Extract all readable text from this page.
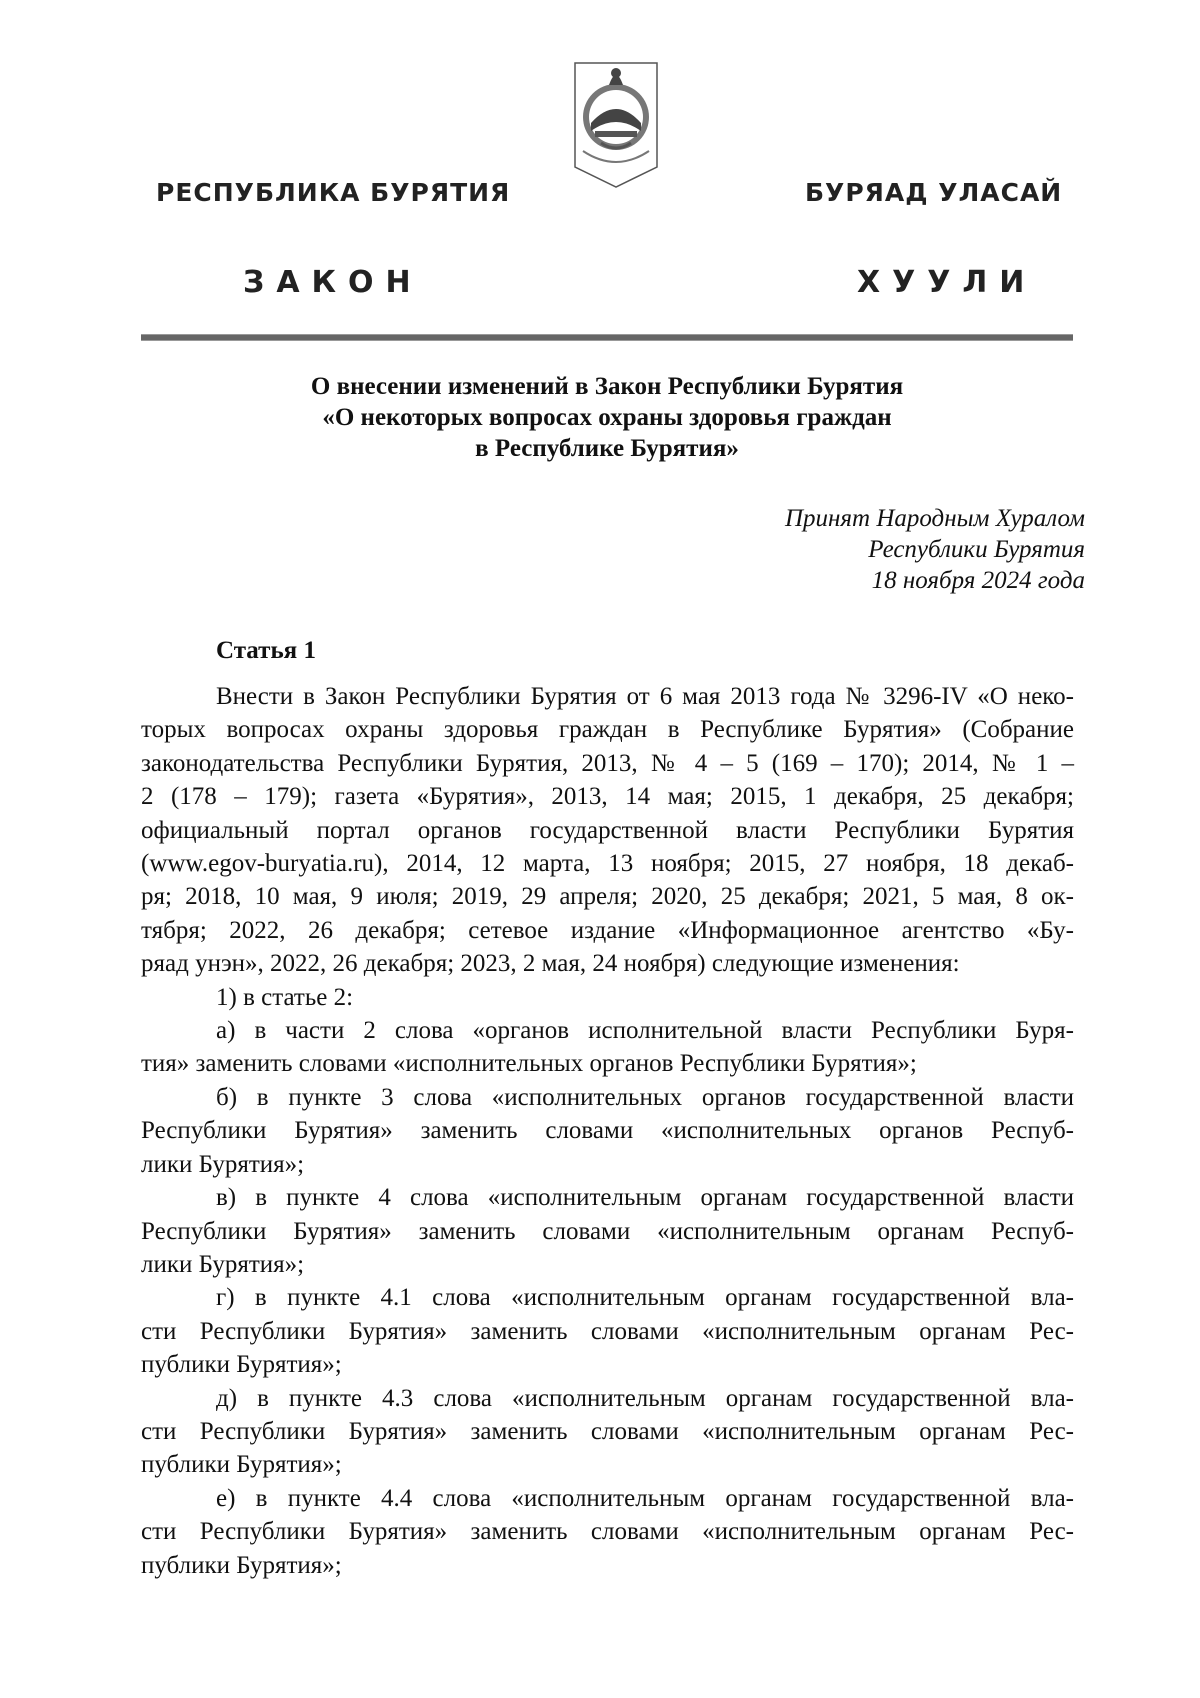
РЕСПУБЛИКА БУРЯТИЯ	БУРЯАД УЛАСАЙ
ЗАКОН	ХУУЛИ
О внесении изменений в Закон Республики Бурятия
«О некоторых вопросах охраны здоровья граждан
в Республике Бурятия»
Принят Народным Хуралом
Республики Бурятия
18 ноября 2024 года
Статья 1
Внести в Закон Республики Бурятия от 6 мая 2013 года № 3296-IV «О неко-
торых вопросах охраны здоровья граждан в Республике Бурятия» (Собрание
законодательства Республики Бурятия, 2013, № 4 – 5 (169 – 170); 2014, № 1 –
2 (178 – 179); газета «Бурятия», 2013, 14 мая; 2015, 1 декабря, 25 декабря;
официальный портал органов государственной власти Республики Бурятия
(www.egov-buryatia.ru), 2014, 12 марта, 13 ноября; 2015, 27 ноября, 18 декаб-
ря; 2018, 10 мая, 9 июля; 2019, 29 апреля; 2020, 25 декабря; 2021, 5 мая, 8 ок-
тября; 2022, 26 декабря; сетевое издание «Информационное агентство «Бу-
ряад унэн», 2022, 26 декабря; 2023, 2 мая, 24 ноября) следующие изменения:
1) в статье 2:
а) в части 2 слова «органов исполнительной власти Республики Буря-
тия» заменить словами «исполнительных органов Республики Бурятия»;
б) в пункте 3 слова «исполнительных органов государственной власти
Республики Бурятия» заменить словами «исполнительных органов Респуб-
лики Бурятия»;
в) в пункте 4 слова «исполнительным органам государственной власти
Республики Бурятия» заменить словами «исполнительным органам Респуб-
лики Бурятия»;
г) в пункте 4.1 слова «исполнительным органам государственной вла-
сти Республики Бурятия» заменить словами «исполнительным органам Рес-
публики Бурятия»;
д) в пункте 4.3 слова «исполнительным органам государственной вла-
сти Республики Бурятия» заменить словами «исполнительным органам Рес-
публики Бурятия»;
е) в пункте 4.4 слова «исполнительным органам государственной вла-
сти Республики Бурятия» заменить словами «исполнительным органам Рес-
публики Бурятия»;
